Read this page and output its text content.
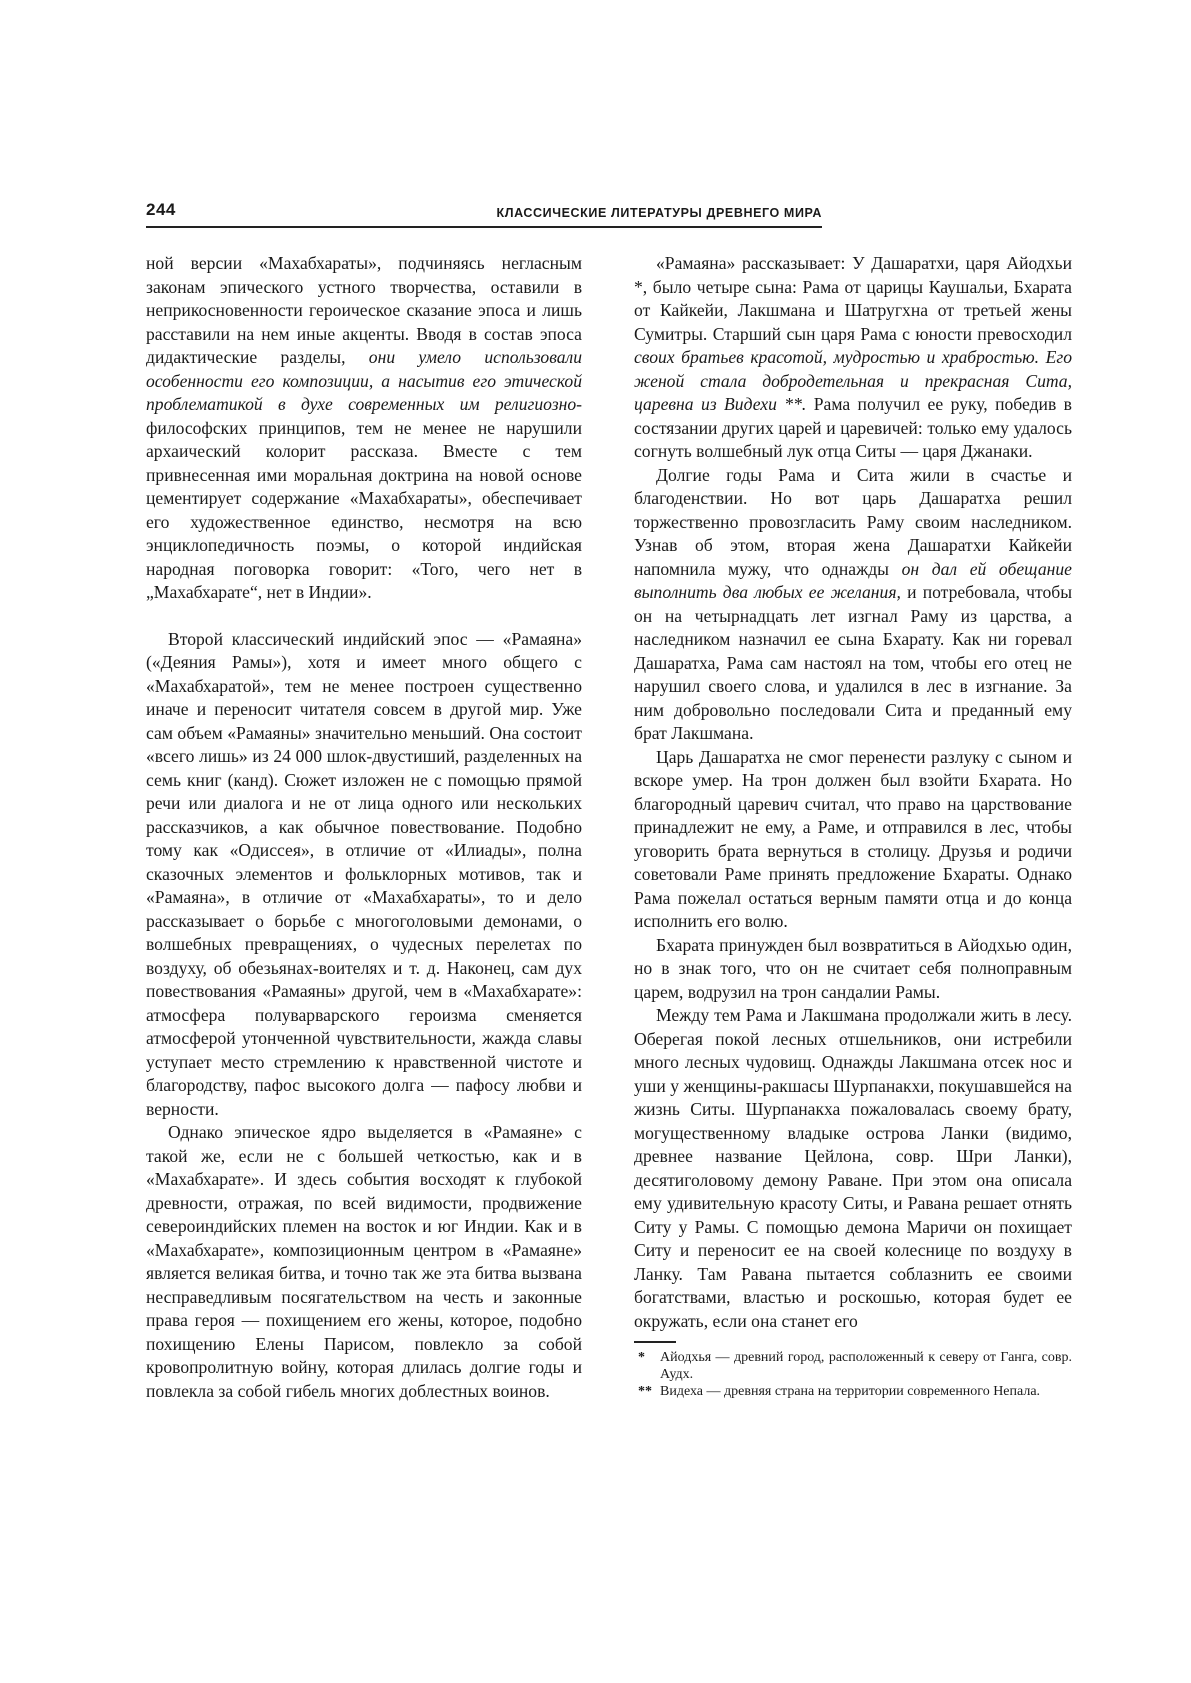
244	КЛАССИЧЕСКИЕ ЛИТЕРАТУРЫ ДРЕВНЕГО МИРА

ной версии «Махабхараты», подчиняясь негласным законам эпического устного творчества, оставили в неприкосновенности героическое сказание эпоса и лишь расставили на нем иные акценты. Вводя в состав эпоса дидактические разделы, они умело использовали особенности его композиции, а насытив его этической проблематикой в духе современных им религиозно-философских принципов, тем не менее не нарушили архаический колорит рассказа. Вместе с тем привнесенная ими моральная доктрина на новой основе цементирует содержание «Махабхараты», обеспечивает его художественное единство, несмотря на всю энциклопедичность поэмы, о которой индийская народная поговорка говорит: «Того, чего нет в „Махабхарате“, нет в Индии».

Второй классический индийский эпос — «Рамаяна» («Деяния Рамы»), хотя и имеет много общего с «Махабхаратой», тем не менее построен существенно иначе и переносит читателя совсем в другой мир. Уже сам объем «Рамаяны» значительно меньший. Она состоит «всего лишь» из 24 000 шлок-двустиший, разделенных на семь книг (канд). Сюжет изложен не с помощью прямой речи или диалога и не от лица одного или нескольких рассказчиков, а как обычное повествование. Подобно тому как «Одиссея», в отличие от «Илиады», полна сказочных элементов и фольклорных мотивов, так и «Рамаяна», в отличие от «Махабхараты», то и дело рассказывает о борьбе с многоголовыми демонами, о волшебных превращениях, о чудесных перелетах по воздуху, об обезьянах-воителях и т. д. Наконец, сам дух повествования «Рамаяны» другой, чем в «Махабхарате»: атмосфера полуварварского героизма сменяется атмосферой утонченной чувствительности, жажда славы уступает место стремлению к нравственной чистоте и благородству, пафос высокого долга — пафосу любви и верности.

Однако эпическое ядро выделяется в «Рамаяне» с такой же, если не с большей четкостью, как и в «Махабхарате». И здесь события восходят к глубокой древности, отражая, по всей видимости, продвижение североиндийских племен на восток и юг Индии. Как и в «Махабхарате», композиционным центром в «Рамаяне» является великая битва, и точно так же эта битва вызвана несправедливым посягательством на честь и законные права героя — похищением его жены, которое, подобно похищению Елены Парисом, повлекло за собой кровопролитную войну, которая длилась долгие годы и повлекла за собой гибель многих доблестных воинов.

«Рамаяна» рассказывает: У Дашаратхи, царя Айодхьи *, было четыре сына: Рама от царицы Каушальи, Бхарата от Кайкейи, Лакшмана и Шатругхна от третьей жены Сумитры. Старший сын царя Рама с юности превосходил своих братьев красотой, мудростью и храбростью. Его женой стала добродетельная и прекрасная Сита, царевна из Видехи **. Рама получил ее руку, победив в состязании других царей и царевичей: только ему удалось согнуть волшебный лук отца Ситы — царя Джанаки.

Долгие годы Рама и Сита жили в счастье и благоденствии. Но вот царь Дашаратха решил торжественно провозгласить Раму своим наследником. Узнав об этом, вторая жена Дашаратхи Кайкейи напомнила мужу, что однажды он дал ей обещание выполнить два любых ее желания, и потребовала, чтобы он на четырнадцать лет изгнал Раму из царства, а наследником назначил ее сына Бхарату. Как ни горевал Дашаратха, Рама сам настоял на том, чтобы его отец не нарушил своего слова, и удалился в лес в изгнание. За ним добровольно последовали Сита и преданный ему брат Лакшмана.

Царь Дашаратха не смог перенести разлуку с сыном и вскоре умер. На трон должен был взойти Бхарата. Но благородный царевич считал, что право на царствование принадлежит не ему, а Раме, и отправился в лес, чтобы уговорить брата вернуться в столицу. Друзья и родичи советовали Раме принять предложение Бхараты. Однако Рама пожелал остаться верным памяти отца и до конца исполнить его волю.

Бхарата принужден был возвратиться в Айодхью один, но в знак того, что он не считает себя полноправным царем, водрузил на трон сандалии Рамы.

Между тем Рама и Лакшмана продолжали жить в лесу. Оберегая покой лесных отшельников, они истребили много лесных чудовищ. Однажды Лакшмана отсек нос и уши у женщины-ракшасы Шурпанакхи, покушавшейся на жизнь Ситы. Шурпанакха пожаловалась своему брату, могущественному владыке острова Ланки (видимо, древнее название Цейлона, совр. Шри Ланки), десятиголовому демону Раване. При этом она описала ему удивительную красоту Ситы, и Равана решает отнять Ситу у Рамы. С помощью демона Маричи он похищает Ситу и переносит ее на своей колеснице по воздуху в Ланку. Там Равана пытается соблазнить ее своими богатствами, властью и роскошью, которая будет ее окружать, если она станет его

* Айодхья — древний город, расположенный к северу от Ганга, совр. Аудх.
** Видеха — древняя страна на территории современного Непала.
